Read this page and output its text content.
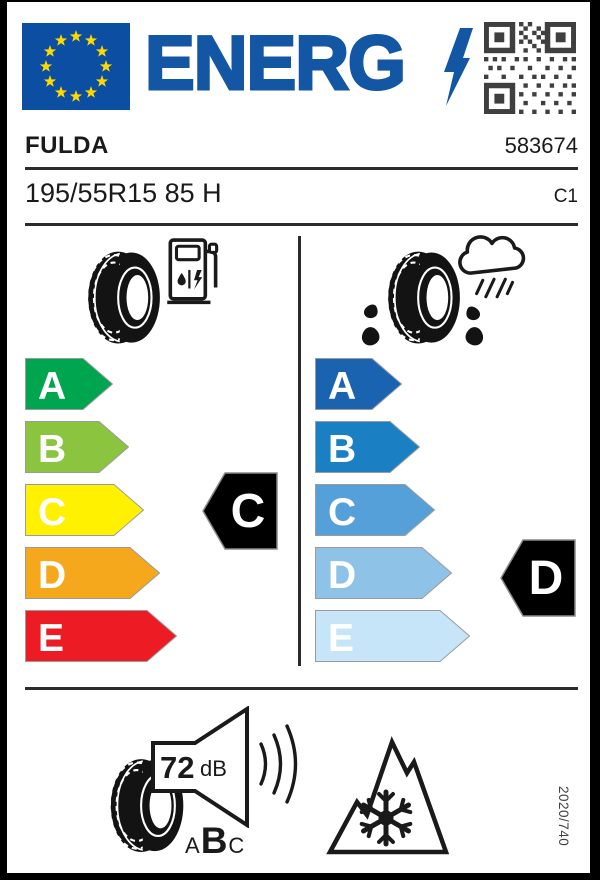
ENERG
FULDA	583674
195/55R15 85 H	C1
A
B
C
D
E
A
B
C
D
E
C
D
72 dB
A B C	2020/740
